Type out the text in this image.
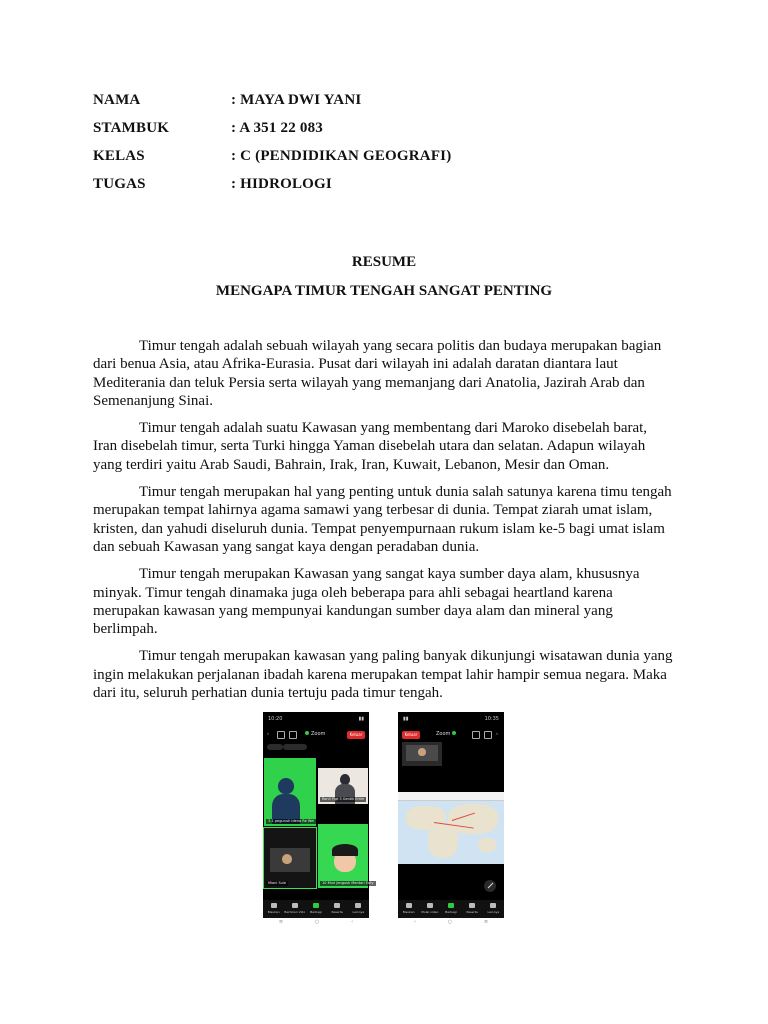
NAMA	: MAYA DWI YANI
STAMBUK	: A 351 22 083
KELAS	: C (PENDIDIKAN GEOGRAFI)
TUGAS	: HIDROLOGI
RESUME
MENGAPA TIMUR TENGAH SANGAT PENTING

Timur tengah adalah sebuah wilayah yang secara politis dan budaya merupakan bagian dari benua Asia, atau Afrika-Eurasia. Pusat dari wilayah ini adalah daratan diantara laut Mediterania dan teluk Persia serta wilayah yang memanjang dari Anatolia, Jazirah Arab dan Semenanjung Sinai.

Timur tengah adalah suatu Kawasan yang membentang dari Maroko disebelah barat, Iran disebelah timur, serta Turki hingga Yaman disebelah utara dan selatan. Adapun wilayah yang terdiri yaitu Arab Saudi, Bahrain, Irak, Iran, Kuwait, Lebanon, Mesir dan Oman.

Timur tengah merupakan hal yang penting untuk dunia salah satunya karena timu tengah merupakan tempat lahirnya agama samawi yang terbesar di dunia. Tempat ziarah umat islam, kristen, dan yahudi diseluruh dunia. Tempat penyempurnaan rukum islam ke-5 bagi umat islam dan sebuah Kawasan yang sangat kaya dengan peradaban dunia.

Timur tengah merupakan Kawasan yang sangat kaya sumber daya alam, khususnya minyak. Timur tengah dinamaka juga oleh beberapa para ahli sebagai heartland karena merupakan kawasan yang mempunyai kandungan sumber daya alam dan mineral yang berlimpah.

Timur tengah merupakan kawasan yang paling banyak dikunjungi wisatawan dunia yang ingin melakukan perjalanan ibadah karena merupakan tempat lahir hampir semua negara. Maka dari itu, seluruh perhatian dunia tertuju pada timur tengah.

10:20	▮▮
‹	Zoom	Keluar
3-1 pegunuh Idena Re Wei
Ronil Pigt 3 Gentik Erlim
Miani Sule	10 Muri Jengush Mentari Eaty
Bisukan Berhikan Vido Berbagi	Peserta	Lainnya
≡	○	‹
▮▮	10:35
Keluar	Zoom	›
Bisukan Mulai video Berbagi	Peserta	Lainnya
‹	○	≡
